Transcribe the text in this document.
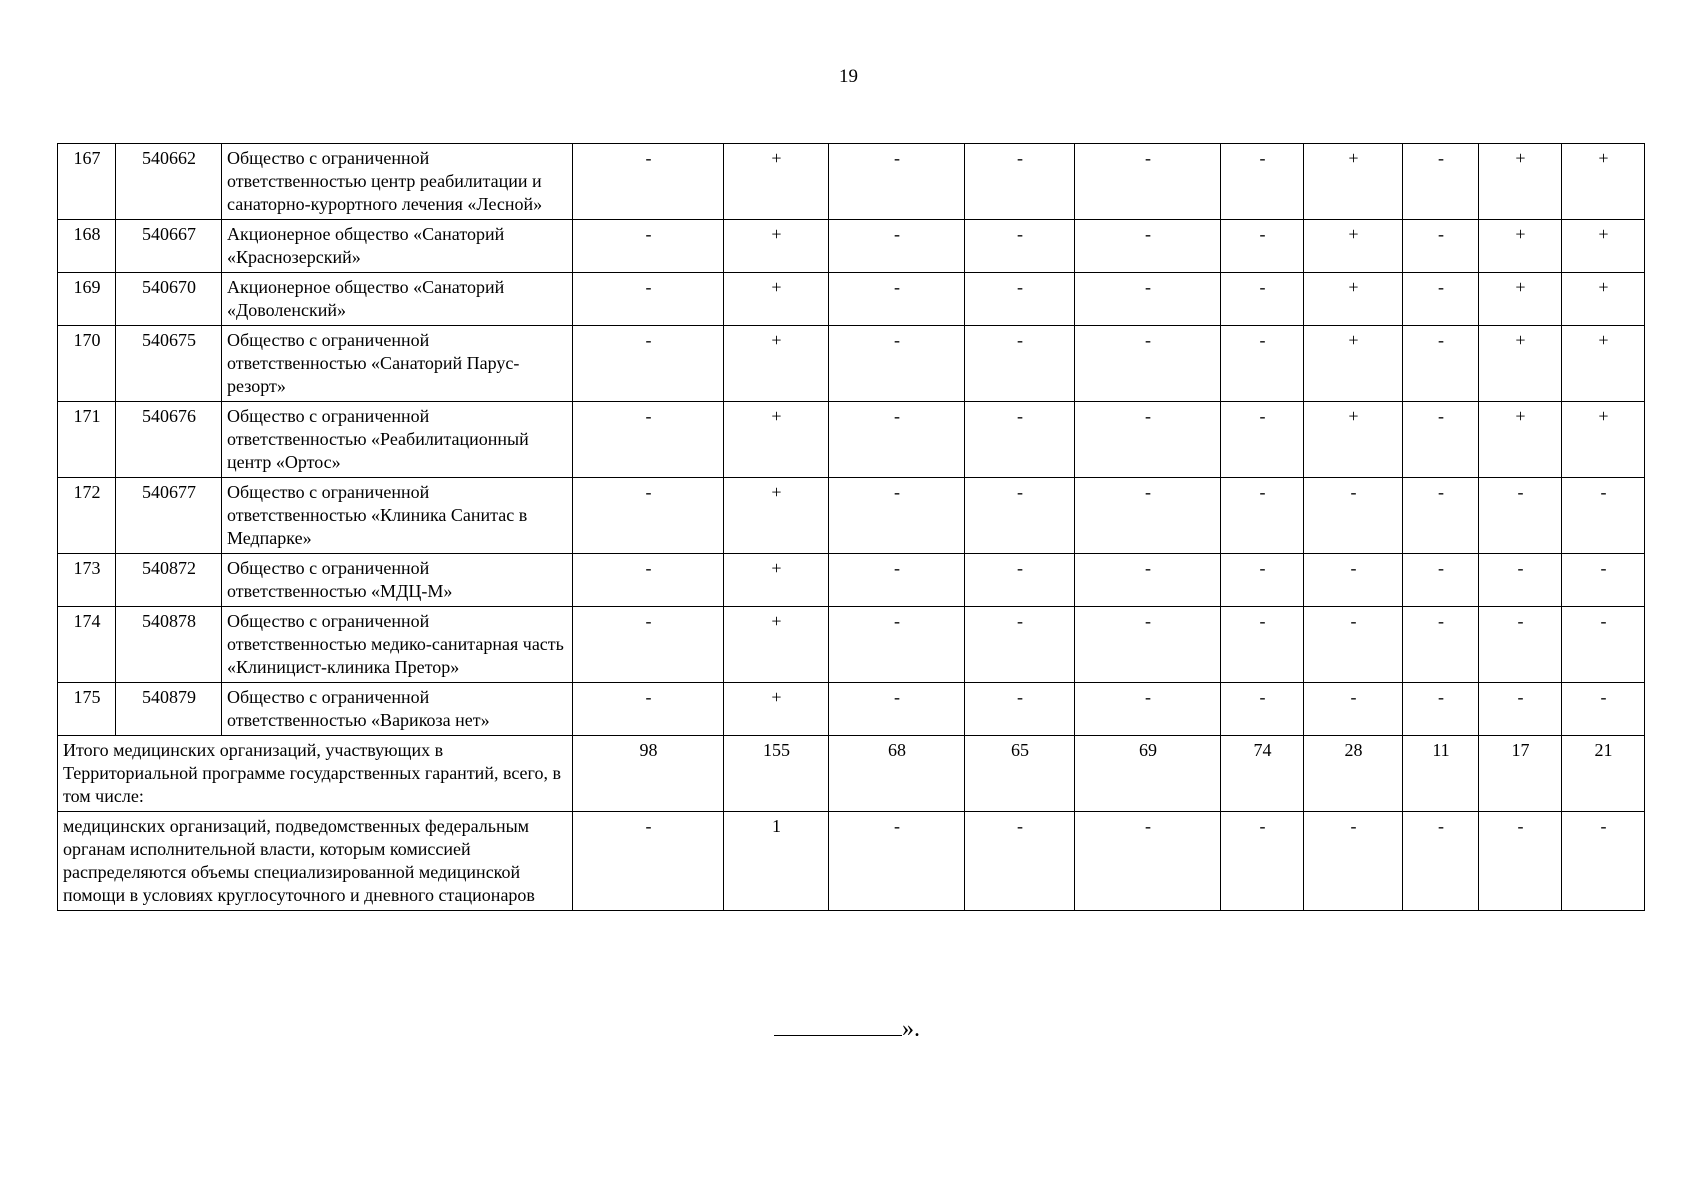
19
167	540662	Общество с ограниченной ответственностью центр реабилитации и санаторно-курортного лечения «Лесной»	-	+	-	-	-	-	+	-	+	+
168	540667	Акционерное общество «Санаторий «Краснозерский»	-	+	-	-	-	-	+	-	+	+
169	540670	Акционерное общество «Санаторий «Доволенский»	-	+	-	-	-	-	+	-	+	+
170	540675	Общество с ограниченной ответственностью «Санаторий Парус-резорт»	-	+	-	-	-	-	+	-	+	+
171	540676	Общество с ограниченной ответственностью «Реабилитационный центр «Ортос»	-	+	-	-	-	-	+	-	+	+
172	540677	Общество с ограниченной ответственностью «Клиника Санитас в Медпарке»	-	+	-	-	-	-	-	-	-	-
173	540872	Общество с ограниченной ответственностью «МДЦ-М»	-	+	-	-	-	-	-	-	-	-
174	540878	Общество с ограниченной ответственностью медико-санитарная часть «Клиницист-клиника Претор»	-	+	-	-	-	-	-	-	-	-
175	540879	Общество с ограниченной ответственностью «Варикоза нет»	-	+	-	-	-	-	-	-	-	-
Итого медицинских организаций, участвующих в Территориальной программе государственных гарантий, всего, в том числе:			98	155	68	65	69	74	28	11	17	21
медицинских организаций, подведомственных федеральным органам исполнительной власти, которым комиссией распределяются объемы специализированной медицинской помощи в условиях круглосуточного и дневного стационаров			-	1	-	-	-	-	-	-	-	-
».
